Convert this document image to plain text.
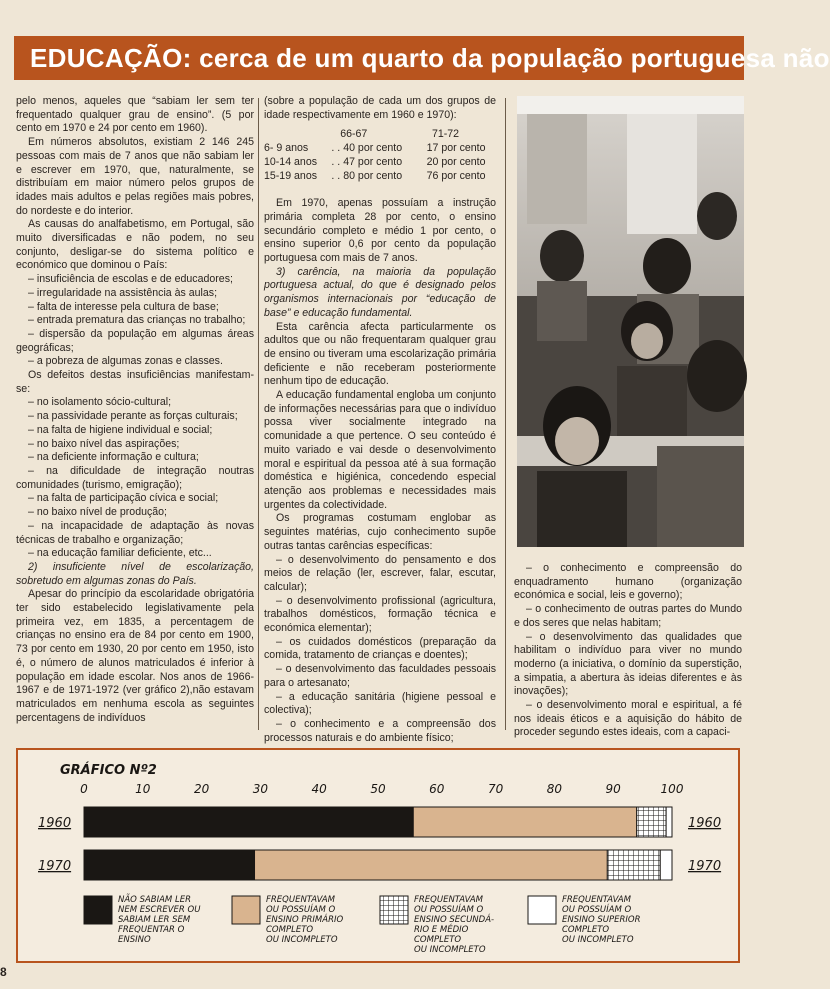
EDUCAÇÃO: cerca de um quarto da população portuguesa não

pelo menos, aqueles que “sabiam ler sem ter frequentado qualquer grau de ensino”. (5 por cento em 1970 e 24 por cento em 1960).

Em números absolutos, existiam 2 146 245 pessoas com mais de 7 anos que não sabiam ler e escrever em 1970, que, naturalmente, se distribuíam em maior número pelos grupos de idades mais adultos e pelas regiões mais pobres, do nordeste e do interior.

As causas do analfabetismo, em Portugal, são muito diversificadas e não podem, no seu conjunto, desligar-se do sistema político e económico que dominou o País:

– insuficiência de escolas e de educadores;

– irregularidade na assistência às aulas;

– falta de interesse pela cultura de base;

– entrada prematura das crianças no trabalho;

– dispersão da população em algumas áreas geográficas;

– a pobreza de algumas zonas e classes.

Os defeitos destas insuficiências manifestam-se:

– no isolamento sócio-cultural;

– na passividade perante as forças culturais;

– na falta de higiene individual e social;

– no baixo nível das aspirações;

– na deficiente informação e cultura;

– na dificuldade de integração noutras comunidades (turismo, emigração);

– na falta de participação cívica e social;

– no baixo nível de produção;

– na incapacidade de adaptação às novas técnicas de trabalho e organização;

– na educação familiar deficiente, etc...

2) insuficiente nível de escolarização, sobretudo em algumas zonas do País.

Apesar do princípio da escolaridade obrigatória ter sido estabelecido legislativamente pela primeira vez, em 1835, a percentagem de crianças no ensino era de 84 por cento em 1900, 73 por cento em 1930, 20 por cento em 1950, isto é, o número de alunos matriculados é inferior à população em idade escolar. Nos anos de 1966-1967 e de 1971-1972 (ver gráfico 2),não estavam matriculados em nenhuma escola as seguintes percentagens de indivíduos

(sobre a população de cada um dos grupos de idade respectivamente em 1960 e 1970):

66-67	71-72
6- 9 anos	. . 40 por cento	17 por cento
10-14 anos	. . 47 por cento	20 por cento
15-19 anos	. . 80 por cento	76 por cento

Em 1970, apenas possuíam a instrução primária completa 28 por cento, o ensino secundário completo e médio 1 por cento, o ensino superior 0,6 por cento da população portuguesa com mais de 7 anos.

3) carência, na maioria da população portuguesa actual, do que é designado pelos organismos internacionais por “educação de base” e educação fundamental.

Esta carência afecta particularmente os adultos que ou não frequentaram qualquer grau de ensino ou tiveram uma escolarização primária deficiente e não receberam posteriormente nenhum tipo de educação.

A educação fundamental engloba um conjunto de informações necessárias para que o indivíduo possa viver socialmente integrado na comunidade a que pertence. O seu conteúdo é muito variado e vai desde o desenvolvimento moral e espiritual da pessoa até à sua formação doméstica e higiénica, concedendo especial atenção aos problemas e necessidades mais urgentes da colectividade.

Os programas costumam englobar as seguintes matérias, cujo conhecimento supõe outras tantas carências específicas:

– o desenvolvimento do pensamento e dos meios de relação (ler, escrever, falar, escutar, calcular);

– o desenvolvimento profissional (agricultura, trabalhos domésticos, formação técnica e económica elementar);

– os cuidados domésticos (preparação da comida, tratamento de crianças e doentes);

– o desenvolvimento das faculdades pessoais para o artesanato;

– a educação sanitária (higiene pessoal e colectiva);

– o conhecimento e a compreensão dos processos naturais e do ambiente físico;

– o conhecimento e compreensão do enquadramento humano (organização económica e social, leis e governo);

– o conhecimento de outras partes do Mundo e dos seres que nelas habitam;

– o desenvolvimento das qualidades que habilitam o indivíduo para viver no mundo moderno (a iniciativa, o domínio da superstição, a simpatia, a abertura às ideias diferentes e às inovações);

– o desenvolvimento moral e espiritual, a fé nos ideais éticos e a aquisição do hábito de proceder segundo estes ideais, com a capaci-

GRÁFICO Nº2
0	10	20	30	40	50	60	70	80	90	100
1960	1960
1970	1970
NÃO SABIAM LER
NEM ESCREVER OU
SABIAM LER SEM
FREQUENTAR O
ENSINO
FREQUENTAVAM
OU POSSUÍAM O
ENSINO PRIMÁRIO
COMPLETO
OU INCOMPLETO
FREQUENTAVAM
OU POSSUÍAM O
ENSINO SECUNDÁ-
RIO E MÉDIO
COMPLETO
OU INCOMPLETO
FREQUENTAVAM
OU POSSUÍAM O
ENSINO SUPERIOR
COMPLETO
OU INCOMPLETO
8
